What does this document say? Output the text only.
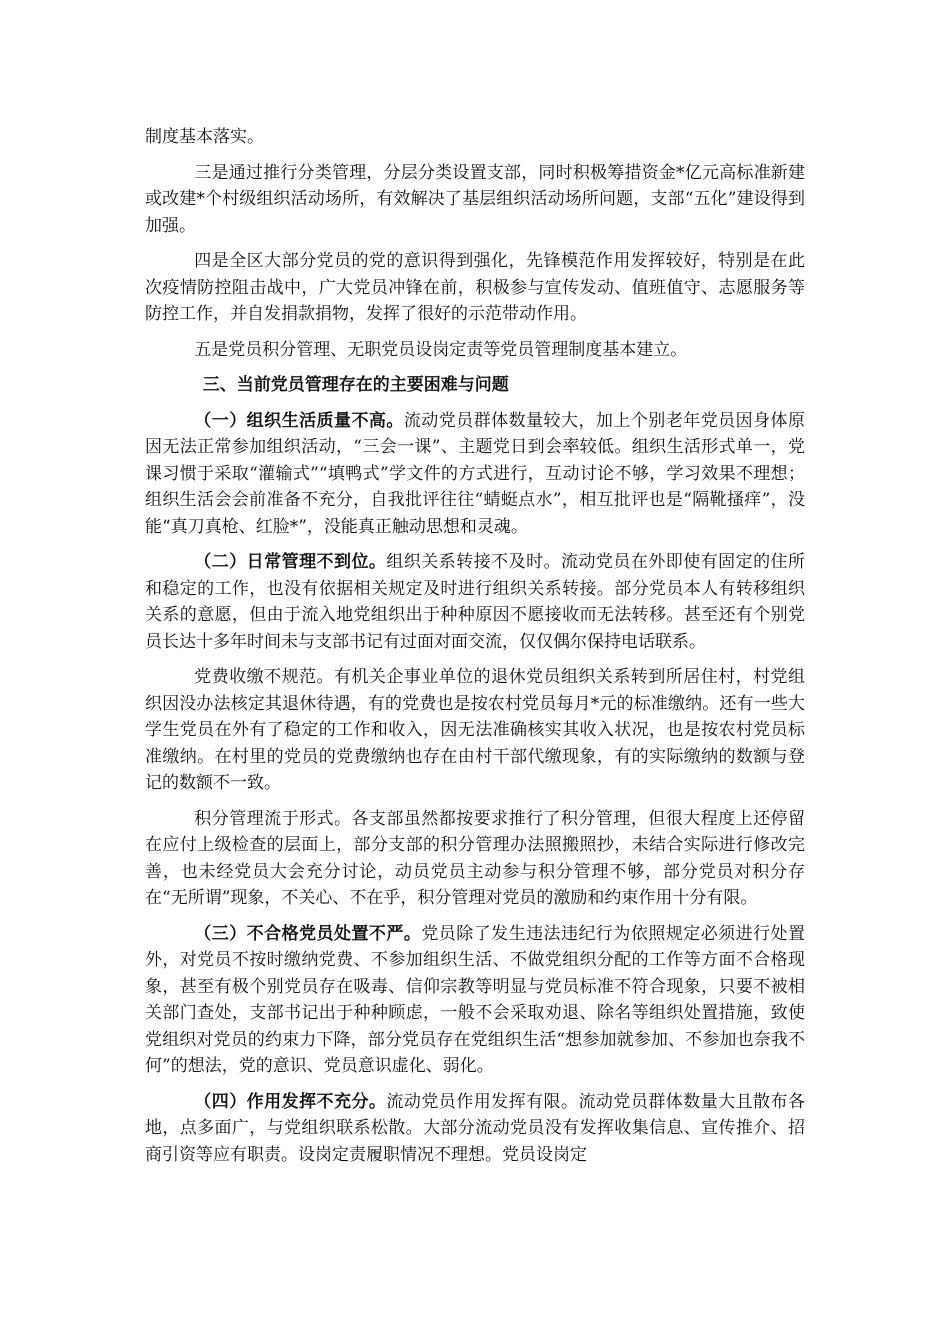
制度基本落实。

三是通过推行分类管理，分层分类设置支部，同时积极筹措资金*亿元高标准新建或改建*个村级组织活动场所，有效解决了基层组织活动场所问题，支部“五化”建设得到加强。

四是全区大部分党员的党的意识得到强化，先锋模范作用发挥较好，特别是在此次疫情防控阻击战中，广大党员冲锋在前，积极参与宣传发动、值班值守、志愿服务等防控工作，并自发捐款捐物，发挥了很好的示范带动作用。

五是党员积分管理、无职党员设岗定责等党员管理制度基本建立。

三、当前党员管理存在的主要困难与问题

（一）组织生活质量不高。流动党员群体数量较大，加上个别老年党员因身体原因无法正常参加组织活动，“三会一课”、主题党日到会率较低。组织生活形式单一，党课习惯于采取“灌输式”“填鸭式”学文件的方式进行，互动讨论不够，学习效果不理想；组织生活会会前准备不充分，自我批评往往“蜻蜓点水”，相互批评也是“隔靴搔痒”，没能“真刀真枪、红脸*”，没能真正触动思想和灵魂。

（二）日常管理不到位。组织关系转接不及时。流动党员在外即使有固定的住所和稳定的工作，也没有依据相关规定及时进行组织关系转接。部分党员本人有转移组织关系的意愿，但由于流入地党组织出于种种原因不愿接收而无法转移。甚至还有个别党员长达十多年时间未与支部书记有过面对面交流，仅仅偶尔保持电话联系。

党费收缴不规范。有机关企事业单位的退休党员组织关系转到所居住村，村党组织因没办法核定其退休待遇，有的党费也是按农村党员每月*元的标准缴纳。还有一些大学生党员在外有了稳定的工作和收入，因无法准确核实其收入状况，也是按农村党员标准缴纳。在村里的党员的党费缴纳也存在由村干部代缴现象，有的实际缴纳的数额与登记的数额不一致。

积分管理流于形式。各支部虽然都按要求推行了积分管理，但很大程度上还停留在应付上级检查的层面上，部分支部的积分管理办法照搬照抄，未结合实际进行修改完善，也未经党员大会充分讨论，动员党员主动参与积分管理不够，部分党员对积分存在“无所谓”现象，不关心、不在乎，积分管理对党员的激励和约束作用十分有限。

（三）不合格党员处置不严。党员除了发生违法违纪行为依照规定必须进行处置外，对党员不按时缴纳党费、不参加组织生活、不做党组织分配的工作等方面不合格现象，甚至有极个别党员存在吸毒、信仰宗教等明显与党员标准不符合现象，只要不被相关部门查处，支部书记出于种种顾虑，一般不会采取劝退、除名等组织处置措施，致使党组织对党员的约束力下降，部分党员存在党组织生活“想参加就参加、不参加也奈我不何”的想法，党的意识、党员意识虚化、弱化。

（四）作用发挥不充分。流动党员作用发挥有限。流动党员群体数量大且散布各地，点多面广，与党组织联系松散。大部分流动党员没有发挥收集信息、宣传推介、招商引资等应有职责。设岗定责履职情况不理想。党员设岗定
